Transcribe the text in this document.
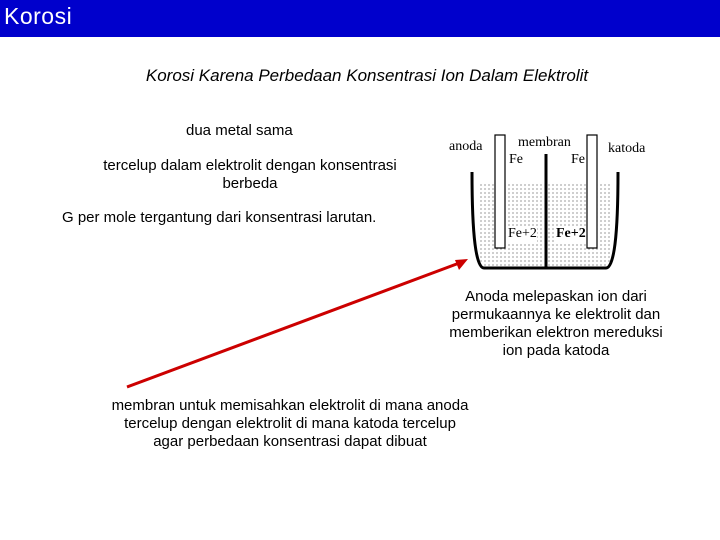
Korosi
Korosi Karena Perbedaan Konsentrasi Ion Dalam Elektrolit
dua metal sama
tercelup dalam elektrolit dengan konsentrasi
berbeda
G per mole tergantung dari konsentrasi larutan.
anoda	membran	katoda
Fe	Fe
Fe+2 Fe+2
Anoda melepaskan ion dari
permukaannya ke elektrolit dan
memberikan elektron mereduksi
ion pada katoda
membran untuk memisahkan elektrolit di mana anoda
tercelup dengan elektrolit di mana katoda tercelup
agar perbedaan konsentrasi dapat dibuat
